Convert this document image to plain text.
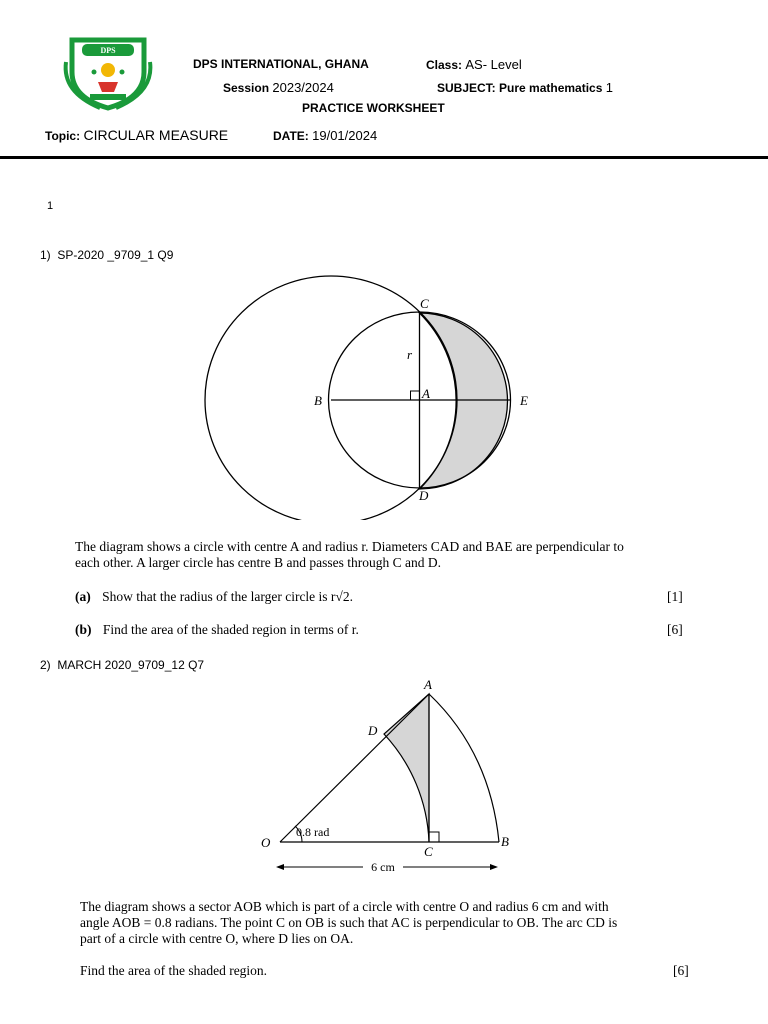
DPS
DPS INTERNATIONAL, GHANA	Class: AS- Level
Session 2023/2024	SUBJECT: Pure mathematics 1
PRACTICE WORKSHEET
Topic: CIRCULAR MEASURE	DATE: 19/01/2024
1
1)  SP-2020 _9709_1 Q9
C
A
B	E
D
r
The diagram shows a circle with centre A and radius r. Diameters CAD and BAE are perpendicular to
each other. A larger circle has centre B and passes through C and D.
(a) Show that the radius of the larger circle is r√2.	[1]
(b) Find the area of the shaded region in terms of r.	[6]
2)  MARCH 2020_9709_12 Q7
A
D
O
C
B
0.8 rad
6 cm
The diagram shows a sector AOB which is part of a circle with centre O and radius 6 cm and with
angle AOB = 0.8 radians. The point C on OB is such that AC is perpendicular to OB. The arc CD is
part of a circle with centre O, where D lies on OA.
Find the area of the shaded region.	[6]
